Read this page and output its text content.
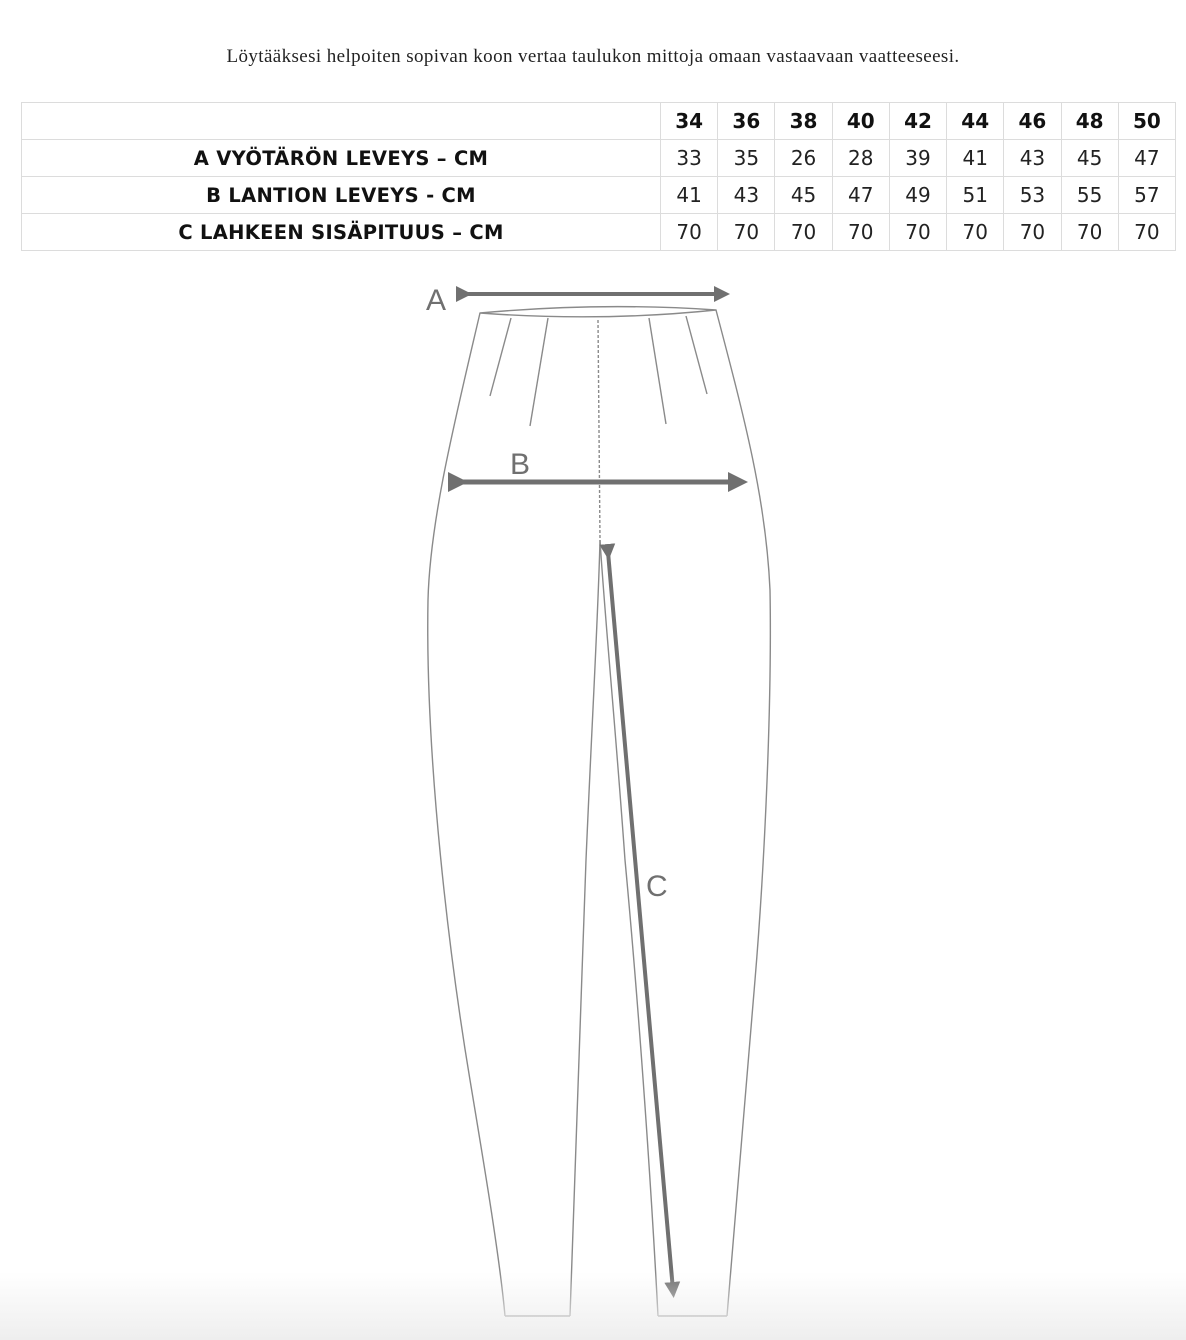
Löytääksesi helpoiten sopivan koon vertaa taulukon mittoja omaan vastaavaan vaatteeseesi.
	34	36	38	40	42	44	46	48	50
A VYÖTÄRÖN LEVEYS – CM	33	35	26	28	39	41	43	45	47
B LANTION LEVEYS - CM	41	43	45	47	49	51	53	55	57
C LAHKEEN SISÄPITUUS – CM	70	70	70	70	70	70	70	70	70
A
B
C
